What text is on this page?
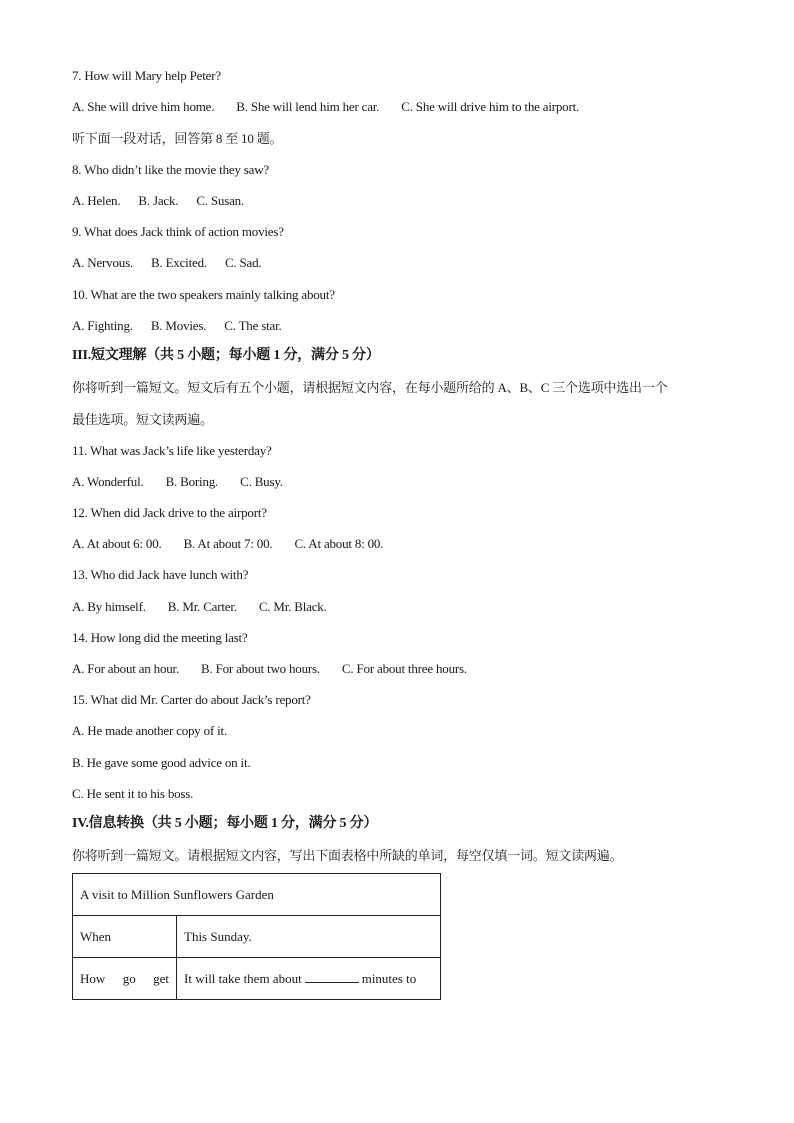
7. How will Mary help Peter?
A. She will drive him home. B. She will lend him her car. C. She will drive him to the airport.
听下面一段对话，回答第 8 至 10 题。
8. Who didn’t like the movie they saw?
A. Helen. B. Jack. C. Susan.
9. What does Jack think of action movies?
A. Nervous. B. Excited. C. Sad.
10. What are the two speakers mainly talking about?
A. Fighting. B. Movies. C. The star.
III.短文理解（共 5 小题；每小题 1 分，满分 5 分）
你将听到一篇短文。短文后有五个小题，请根据短文内容，在每小题所给的 A、B、C 三个选项中选出一个
最佳选项。短文读两遍。
11. What was Jack’s life like yesterday?
A. Wonderful. B. Boring. C. Busy.
12. When did Jack drive to the airport?
A. At about 6: 00. B. At about 7: 00. C. At about 8: 00.
13. Who did Jack have lunch with?
A. By himself. B. Mr. Carter. C. Mr. Black.
14. How long did the meeting last?
A. For about an hour. B. For about two hours. C. For about three hours.
15. What did Mr. Carter do about Jack’s report?
A. He made another copy of it.
B. He gave some good advice on it.
C. He sent it to his boss.
IV.信息转换（共 5 小题；每小题 1 分，满分 5 分）
你将听到一篇短文。请根据短文内容，写出下面表格中所缺的单词，每空仅填一词。短文读两遍。
A visit to Million Sunflowers Garden	
When	This Sunday.

How go get	It will take them about minutes to
